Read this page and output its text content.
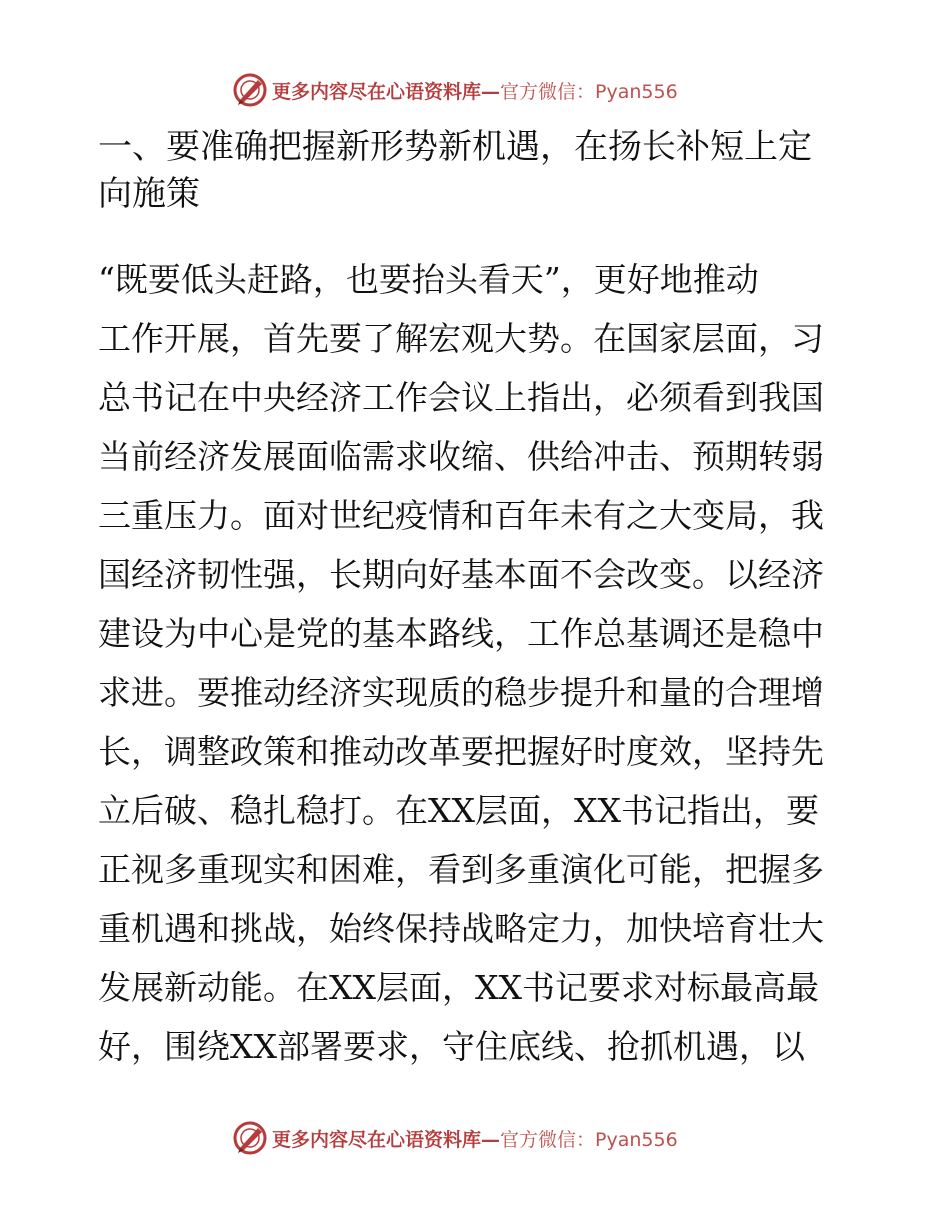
更多内容尽在心语资料库— 官方微信：Pyan556
一、要准确把握新形势新机遇，在扬长补短上定
向施策
“既要低头赶路，也要抬头看天”，更好地推动
工作开展，首先要了解宏观大势。在国家层面，习
总书记在中央经济工作会议上指出，必须看到我国
当前经济发展面临需求收缩、供给冲击、预期转弱
三重压力。面对世纪疫情和百年未有之大变局，我
国经济韧性强，长期向好基本面不会改变。以经济
建设为中心是党的基本路线，工作总基调还是稳中
求进。要推动经济实现质的稳步提升和量的合理增
长，调整政策和推动改革要把握好时度效，坚持先
立后破、稳扎稳打。在XX层面，XX书记指出，要
正视多重现实和困难，看到多重演化可能，把握多
重机遇和挑战，始终保持战略定力，加快培育壮大
发展新动能。在XX层面，XX书记要求对标最高最
好，围绕XX部署要求，守住底线、抢抓机遇，以
更多内容尽在心语资料库— 官方微信：Pyan556
